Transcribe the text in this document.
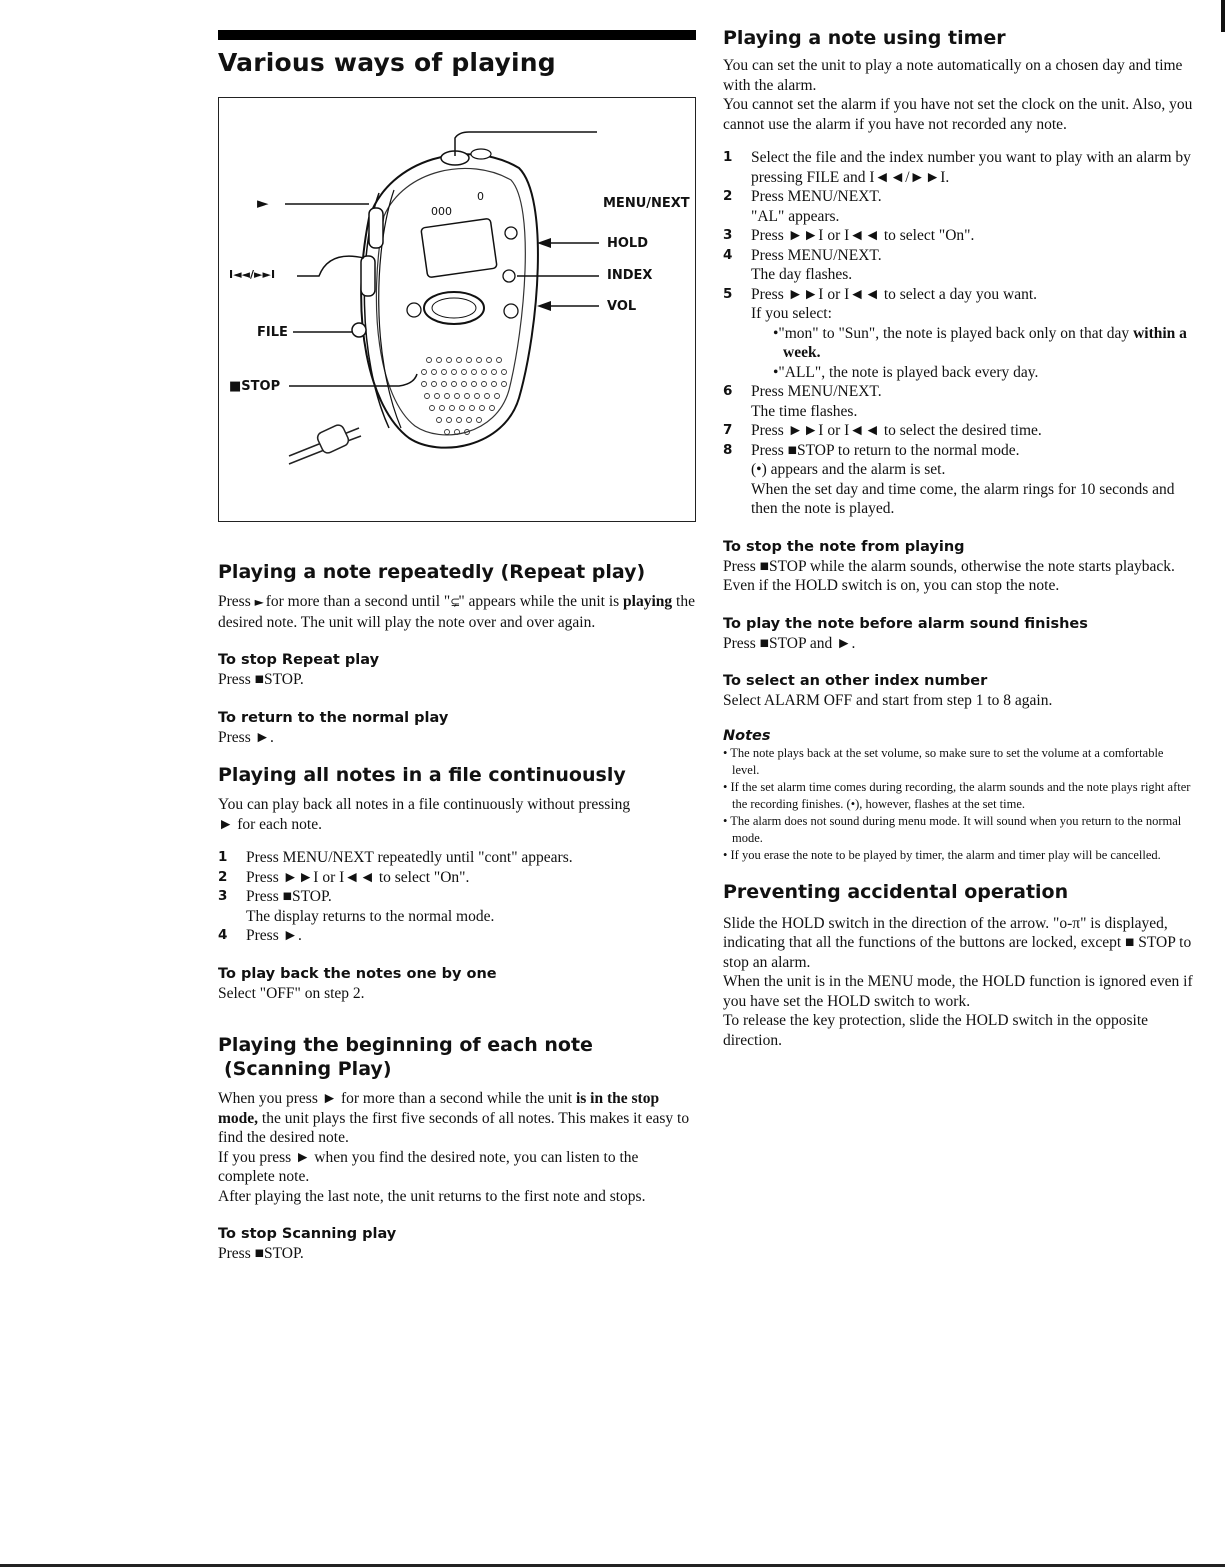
Various ways of playing
MENU/NEXT
HOLD
INDEX
VOL
►
I◄◄/►►I
FILE
■STOP
000
0
Playing a note repeatedly (Repeat play)

Press ► for more than a second until "⊊" appears while the unit is playing the desired note. The unit will play the note over and over again.

To stop Repeat play

Press ■STOP.

To return to the normal play

Press ►.

Playing all notes in a file continuously

You can play back all notes in a file continuously without pressing

► for each note.

1	Press MENU/NEXT repeatedly until "cont" appears.
2	Press ►►I or I◄◄ to select "On".
3	Press ■STOP.
The display returns to the normal mode.
4	Press ►.
To play back the notes one by one

Select "OFF" on step 2.

Playing the beginning of each note
(Scanning Play)

When you press ► for more than a second while the unit is in the stop mode, the unit plays the first five seconds of all notes. This makes it easy to find the desired note.

If you press ► when you find the desired note, you can listen to the complete note.

After playing the last note, the unit returns to the first note and stops.

To stop Scanning play

Press ■STOP.

Playing a note using timer

You can set the unit to play a note automatically on a chosen day and time with the alarm.

You cannot set the alarm if you have not set the clock on the unit. Also, you cannot use the alarm if you have not recorded any note.

1	Select the file and the index number you want to play with an alarm by pressing FILE and I◄◄/►►I.
2	Press MENU/NEXT.

"AL" appears.

3	Press ►►I or I◄◄ to select "On".
4	Press MENU/NEXT.

The day flashes.

5	Press ►►I or I◄◄ to select a day you want.

If you select:

•"mon" to "Sun", the note is played back only on that day within a week.

•"ALL", the note is played back every day.

6	Press MENU/NEXT.

The time flashes.

7	Press ►►I or I◄◄ to select the desired time.
8	Press ■STOP to return to the normal mode.

(•) appears and the alarm is set.

When the set day and time come, the alarm rings for 10 seconds and then the note is played.

To stop the note from playing

Press ■STOP while the alarm sounds, otherwise the note starts playback.

Even if the HOLD switch is on, you can stop the note.

To play the note before alarm sound finishes

Press ■STOP and ►.

To select an other index number

Select ALARM OFF and start from step 1 to 8 again.

Notes

• The note plays back at the set volume, so make sure to set the volume at a comfortable level.

• If the set alarm time comes during recording, the alarm sounds and the note plays right after the recording finishes. (•), however, flashes at the set time.

• The alarm does not sound during menu mode. It will sound when you return to the normal mode.

• If you erase the note to be played by timer, the alarm and timer play will be cancelled.

Preventing accidental operation

Slide the HOLD switch in the direction of the arrow. "o-π" is displayed, indicating that all the functions of the buttons are locked, except ■ STOP to stop an alarm.

When the unit is in the MENU mode, the HOLD function is ignored even if you have set the HOLD switch to work.

To release the key protection, slide the HOLD switch in the opposite direction.
